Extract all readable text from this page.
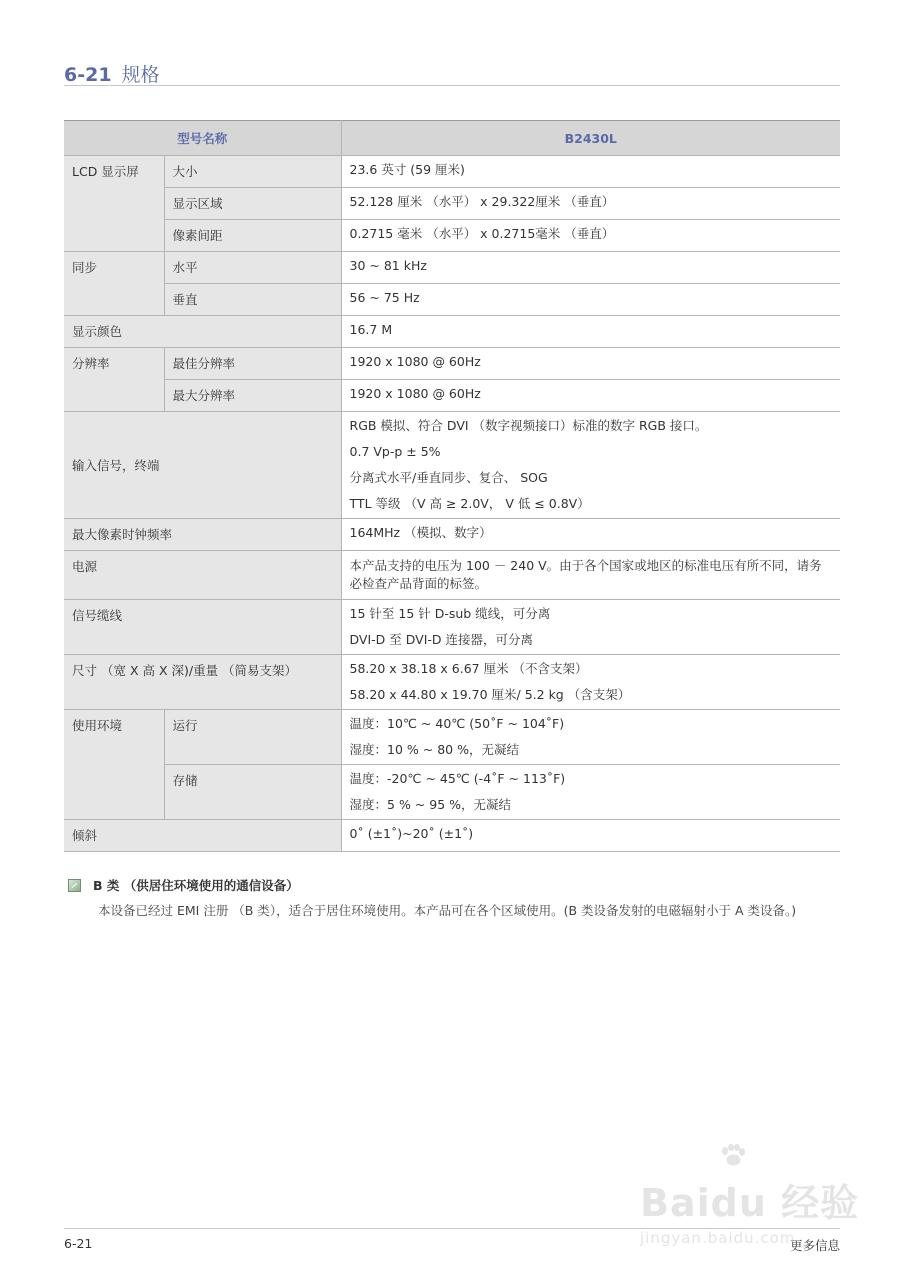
6-21 规格
型号名称		B2430L
LCD 显示屏	大小	23.6 英寸 (59 厘米)

	显示区域	52.128 厘米 （水平） x 29.322厘米 （垂直）

	像素间距	0.2715 毫米 （水平） x 0.2715毫米 （垂直）

同步	水平	30 ~ 81 kHz

	垂直	56 ~ 75 Hz

显示颜色		16.7 M

分辨率	最佳分辨率	1920 x 1080 @ 60Hz

	最大分辨率	1920 x 1080 @ 60Hz

输入信号，终端		RGB 模拟、符合 DVI （数字视频接口）标准的数字 RGB 接口。
0.7 Vp-p ± 5%
分离式水平/垂直同步、复合、 SOG
TTL 等级 （V 高 ≥ 2.0V， V 低 ≤ 0.8V）

最大像素时钟频率		164MHz （模拟、数字）

电源		本产品支持的电压为 100 － 240 V。由于各个国家或地区的标准电压有所不同，请务必检查产品背面的标签。

信号缆线		15 针至 15 针 D-sub 缆线，可分离
DVI-D 至 DVI-D 连接器，可分离

尺寸 （宽 X 高 X 深)/重量 （简易支架）		58.20 x 38.18 x 6.67 厘米 （不含支架）
58.20 x 44.80 x 19.70 厘米/ 5.2 kg （含支架）

使用环境	运行	温度：10℃ ~ 40℃ (50˚F ~ 104˚F)
湿度：10 % ~ 80 %，无凝结

	存储	温度：-20℃ ~ 45℃ (-4˚F ~ 113˚F)
湿度：5 % ~ 95 %，无凝结

倾斜		0˚ (±1˚)~20˚ (±1˚)
B 类 （供居住环境使用的通信设备）
本设备已经过 EMI 注册 （B 类），适合于居住环境使用。本产品可在各个区域使用。(B 类设备发射的电磁辐射小于 A 类设备。)
Baidu 经验
jingyan.baidu.com
6-21	更多信息
